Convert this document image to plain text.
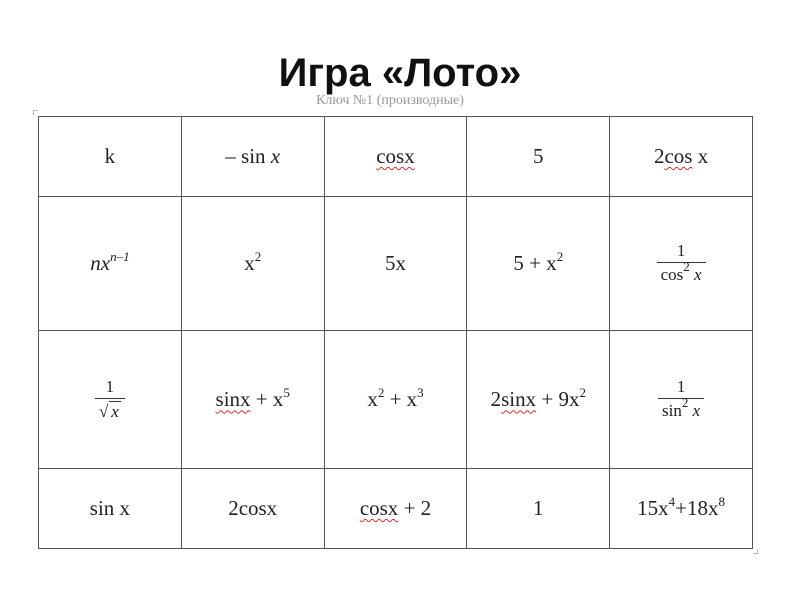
Игра «Лото»
Ключ №1 (производные)
k	– sin x	cosx	5	2cos x
$nx^{n-1}$	$x^2$	5x	$5 + x^2$	$\frac{1}{\cos^2 x}$

$\frac{1}{√ x}$	$\sin x + x^5$	$x^2 + x^3$	$2\sin x + 9x^2$	$\frac{1}{\sin^2 x}$

sin x	2cosx	cosx + 2	1	$15x^4+18x^8$
